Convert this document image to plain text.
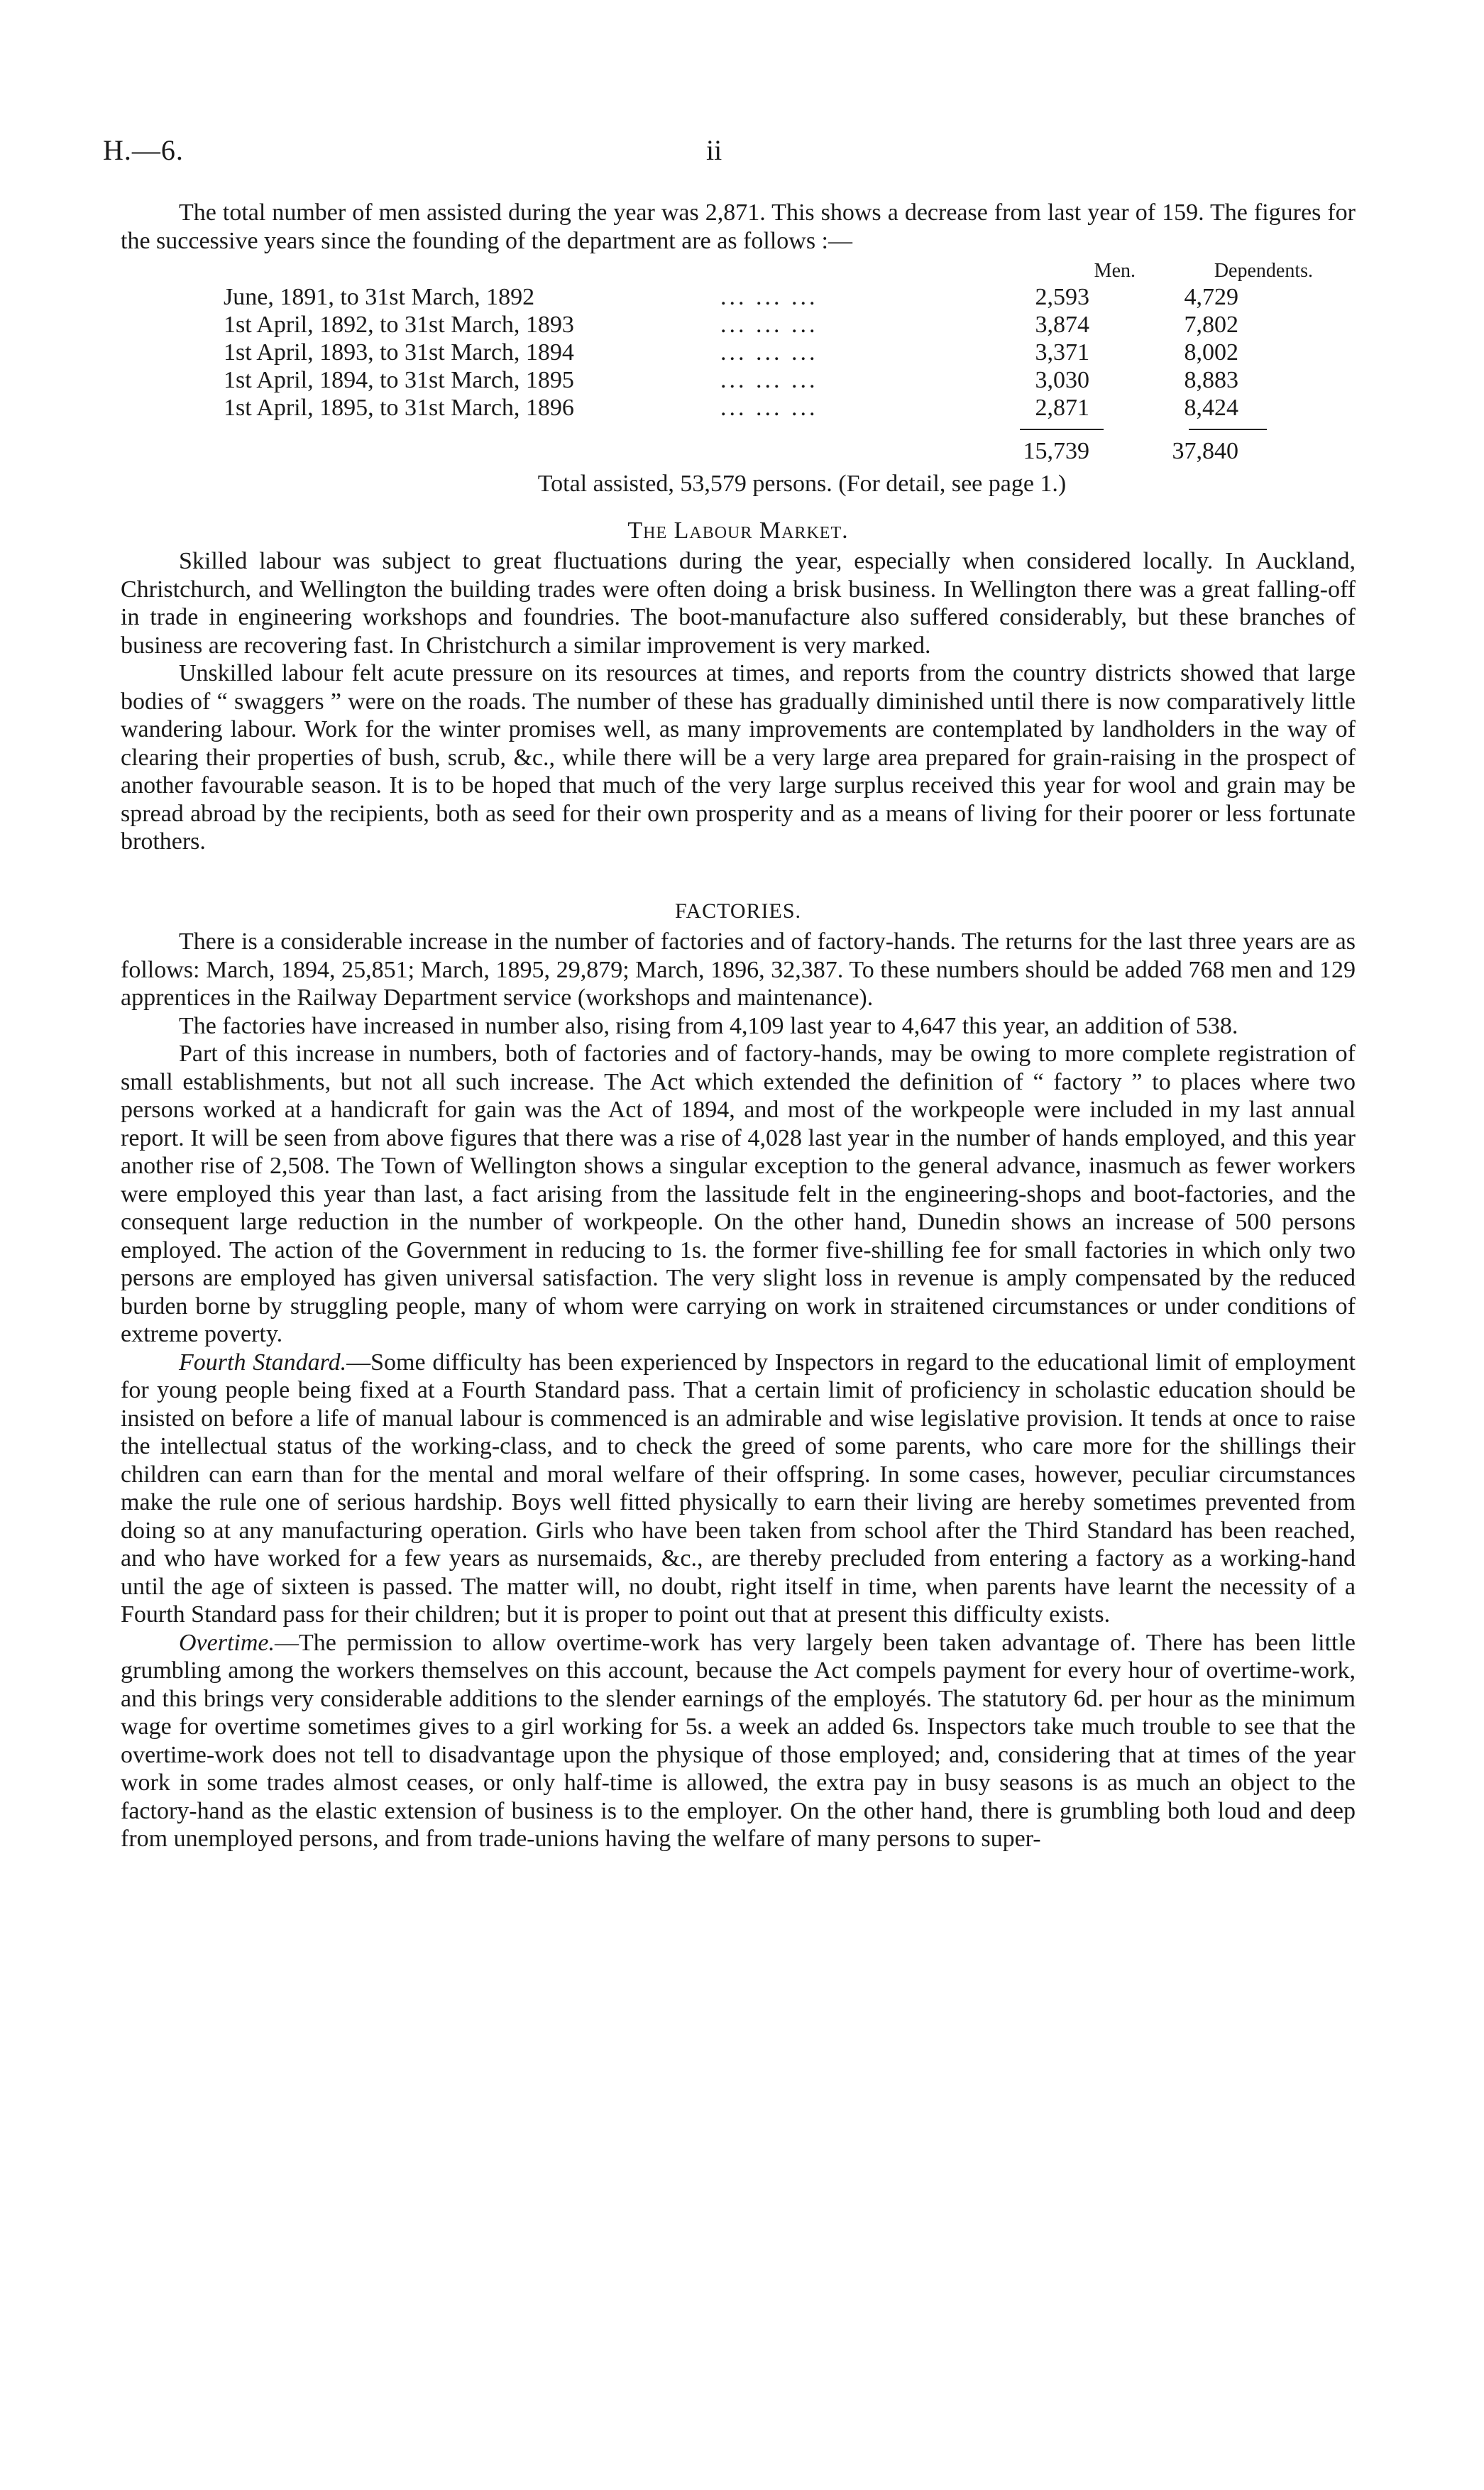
H.—6.	ii

The total number of men assisted during the year was 2,871. This shows a decrease from last year of 159. The figures for the successive years since the founding of the department are as follows :—

Men.	Dependents.
June, 1891, to 31st March, 1892	... ... ...	2,593	4,729
1st April, 1892, to 31st March, 1893	... ... ...	3,874	7,802
1st April, 1893, to 31st March, 1894	... ... ...	3,371	8,002
1st April, 1894, to 31st March, 1895	... ... ...	3,030	8,883
1st April, 1895, to 31st March, 1896	... ... ...	2,871	8,424
15,739	37,840

Total assisted, 53,579 persons. (For detail, see page 1.)

The Labour Market.

Skilled labour was subject to great fluctuations during the year, especially when considered locally. In Auckland, Christchurch, and Wellington the building trades were often doing a brisk business. In Wellington there was a great falling-off in trade in engineering workshops and foundries. The boot-manufacture also suffered considerably, but these branches of business are recovering fast. In Christchurch a similar improvement is very marked.

Unskilled labour felt acute pressure on its resources at times, and reports from the country districts showed that large bodies of “ swaggers ” were on the roads. The number of these has gradually diminished until there is now comparatively little wandering labour. Work for the winter promises well, as many improvements are contemplated by landholders in the way of clearing their properties of bush, scrub, &c., while there will be a very large area prepared for grain-raising in the prospect of another favourable season. It is to be hoped that much of the very large surplus received this year for wool and grain may be spread abroad by the recipients, both as seed for their own prosperity and as a means of living for their poorer or less fortunate brothers.

FACTORIES.

There is a considerable increase in the number of factories and of factory-hands. The returns for the last three years are as follows: March, 1894, 25,851; March, 1895, 29,879; March, 1896, 32,387. To these numbers should be added 768 men and 129 apprentices in the Railway Department service (workshops and maintenance).

The factories have increased in number also, rising from 4,109 last year to 4,647 this year, an addition of 538.

Part of this increase in numbers, both of factories and of factory-hands, may be owing to more complete registration of small establishments, but not all such increase. The Act which extended the definition of “ factory ” to places where two persons worked at a handicraft for gain was the Act of 1894, and most of the workpeople were included in my last annual report. It will be seen from above figures that there was a rise of 4,028 last year in the number of hands employed, and this year another rise of 2,508. The Town of Wellington shows a singular exception to the general advance, inasmuch as fewer workers were employed this year than last, a fact arising from the lassitude felt in the engineering-shops and boot-factories, and the consequent large reduction in the number of workpeople. On the other hand, Dunedin shows an increase of 500 persons employed. The action of the Government in reducing to 1s. the former five-shilling fee for small factories in which only two persons are employed has given universal satisfaction. The very slight loss in revenue is amply compensated by the reduced burden borne by struggling people, many of whom were carrying on work in straitened circumstances or under conditions of extreme poverty.

Fourth Standard.—Some difficulty has been experienced by Inspectors in regard to the educational limit of employment for young people being fixed at a Fourth Standard pass. That a certain limit of proficiency in scholastic education should be insisted on before a life of manual labour is commenced is an admirable and wise legislative provision. It tends at once to raise the intellectual status of the working-class, and to check the greed of some parents, who care more for the shillings their children can earn than for the mental and moral welfare of their offspring. In some cases, however, peculiar circumstances make the rule one of serious hardship. Boys well fitted physically to earn their living are hereby sometimes prevented from doing so at any manufacturing operation. Girls who have been taken from school after the Third Standard has been reached, and who have worked for a few years as nursemaids, &c., are thereby precluded from entering a factory as a working-hand until the age of sixteen is passed. The matter will, no doubt, right itself in time, when parents have learnt the necessity of a Fourth Standard pass for their children; but it is proper to point out that at present this difficulty exists.

Overtime.—The permission to allow overtime-work has very largely been taken advantage of. There has been little grumbling among the workers themselves on this account, because the Act compels payment for every hour of overtime-work, and this brings very considerable additions to the slender earnings of the employés. The statutory 6d. per hour as the minimum wage for overtime sometimes gives to a girl working for 5s. a week an added 6s. Inspectors take much trouble to see that the overtime-work does not tell to disadvantage upon the physique of those employed; and, considering that at times of the year work in some trades almost ceases, or only half-time is allowed, the extra pay in busy seasons is as much an object to the factory-hand as the elastic extension of business is to the employer. On the other hand, there is grumbling both loud and deep from unemployed persons, and from trade-unions having the welfare of many persons to super-
